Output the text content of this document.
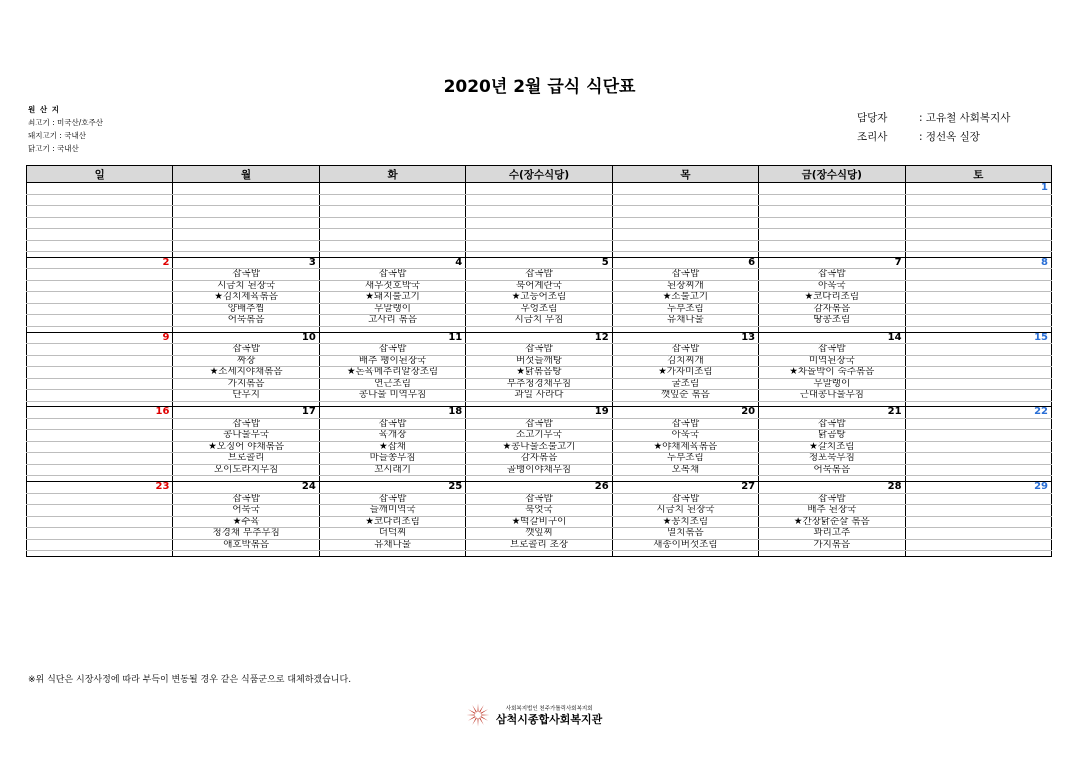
2020년 2월 급식 식단표
원 산 지
쇠고기 : 미국산/호주산
돼지고기 : 국내산
닭고기 : 국내산
담당자	: 고유철 사회복지사
조리사	: 정선옥 실장
일	월	화	수(장수식당)	목	금(장수식당)	토
						1

2	3	4	5	6	7	8
	잡곡밥	잡곡밥	잡곡밥	잡곡밥	잡곡밥	
	시금치 된장국	새우젓호박국	북어계란국	된장찌개	아욱국	
	★김치제육볶음	★돼지불고기	★고등어조림	★소불고기	★코다리조림	
	양배추찜	무말랭이	우엉조림	두부조림	감자볶음	
	어묵볶음	고사리 볶음	시금치 무침	유채나물	땅콩조림	

9	10	11	12	13	14	15
	잡곡밥	잡곡밥	잡곡밥	잡곡밥	잡곡밥	
	짜장	배추 팽이된장국	버섯들깨탕	김치찌개	미역된장국	
	★소세지야채볶음	★돈육메추리알장조림	★닭볶음탕	★가자미조림	★차돌박이 숙주볶음	
	가지볶음	연근조림	부추청경채무침	굴조림	무말랭이	
	단무지	콩나물 미역무침	과일 사라다	깻잎순 볶음	근대콩나물무침	

16	17	18	19	20	21	22
	잡곡밥	잡곡밥	잡곡밥	잡곡밥	잡곡밥	
	콩나물무국	육개장	소고기무국	아욱국	닭곰탕	
	★오징어 야채볶음	★잡채	★콩나물소불고기	★야채제육볶음	★갈치조림	
	브로콜리	마늘쫑무침	감자볶음	두부조림	청포묵무침	
	오이도라지무침	꼬시래기	골뱅이야채무침	오복채	어묵볶음	

23	24	25	26	27	28	29
	잡곡밥	잡곡밥	잡곡밥	잡곡밥	잡곡밥	
	어묵국	들깨미역국	북엇국	시금치 된장국	배추 된장국	
	★수육	★코다리조림	★떡갈비구이	★꽁치조림	★간장닭순살 볶음	
	청경채 부추무침	더덕찌	깻잎찌	멸치볶음	꽈리고추	
	애호박볶음	유채나물	브로콜리 초장	새송이버섯조림	가지볶음	

※위 식단은 시장사정에 따라 부득이 변동될 경우 같은 식품군으로 대체하겠습니다.
사회복지법인 천주가톨릭사회복지회
삼척시종합사회복지관
